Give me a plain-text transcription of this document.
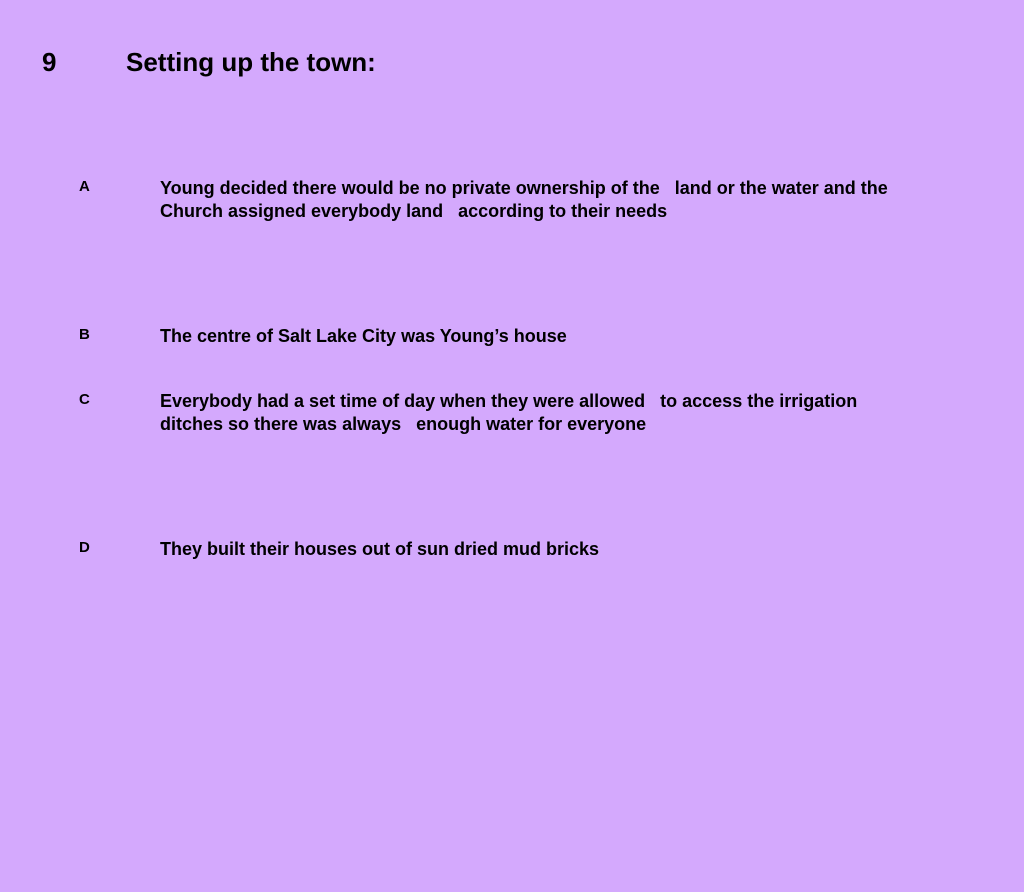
9	Setting up the town:
A	Young decided there would be no private ownership of the   land or the water and the
Church assigned everybody land   according to their needs
B	The centre of Salt Lake City was Young’s house
C	Everybody had a set time of day when they were allowed   to access the irrigation
ditches so there was always   enough water for everyone
D	They built their houses out of sun dried mud bricks
